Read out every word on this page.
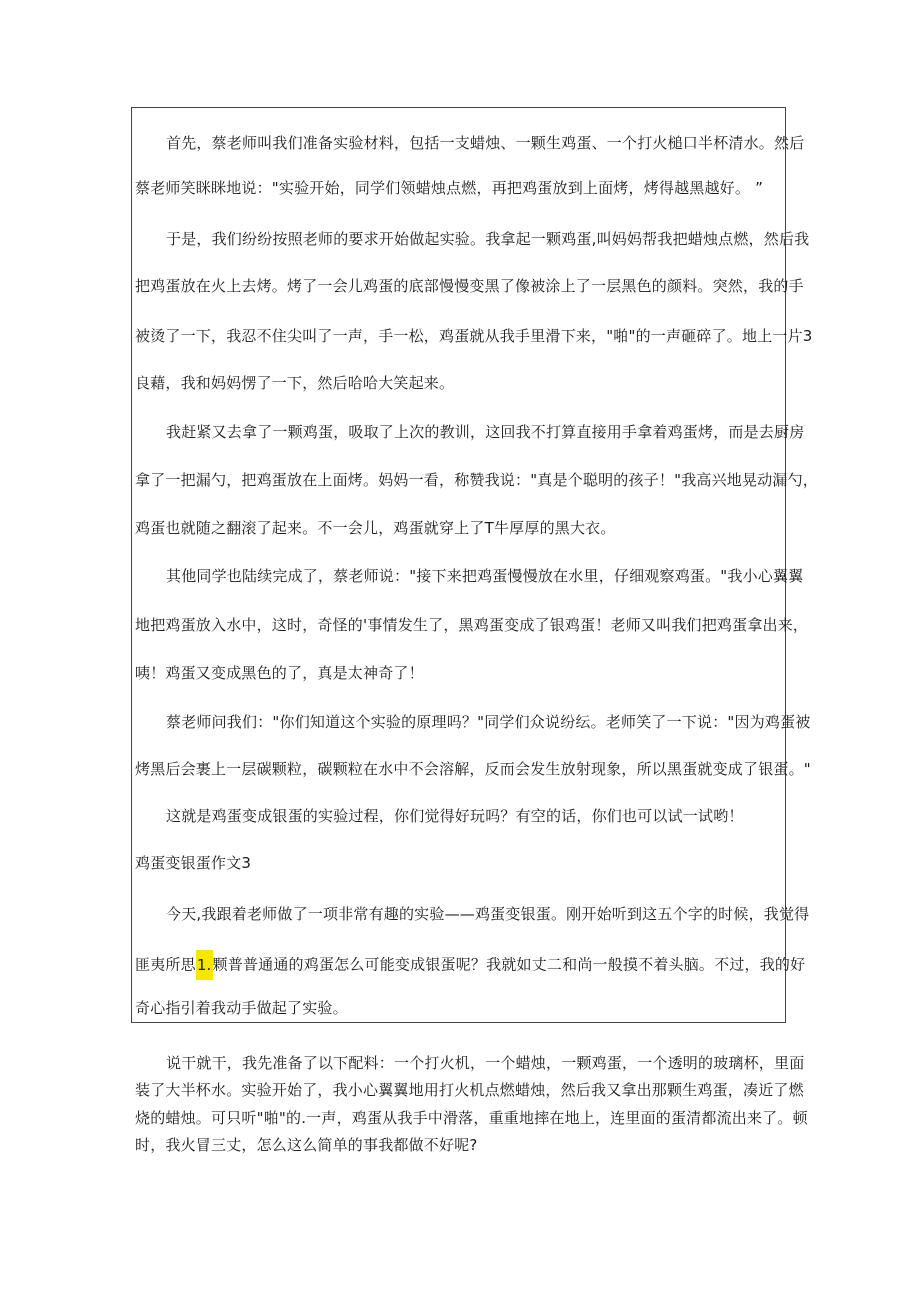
首先，蔡老师叫我们准备实验材料，包括一支蜡烛、一颗生鸡蛋、一个打火槌口半杯清水。然后
蔡老师笑眯眯地说："实验开始，同学们领蜡烛点燃，再把鸡蛋放到上面烤，烤得越黑越好。 ”
于是，我们纷纷按照老师的要求开始做起实验。我拿起一颗鸡蛋,叫妈妈帮我把蜡烛点燃，然后我
把鸡蛋放在火上去烤。烤了一会儿鸡蛋的底部慢慢变黑了像被涂上了一层黑色的颜料。突然，我的手
被烫了一下，我忍不住尖叫了一声，手一松，鸡蛋就从我手里滑下来，"啪"的一声砸碎了。地上一片3
良藉，我和妈妈愣了一下，然后哈哈大笑起来。
我赶紧又去拿了一颗鸡蛋，吸取了上次的教训，这回我不打算直接用手拿着鸡蛋烤，而是去厨房
拿了一把漏勺，把鸡蛋放在上面烤。妈妈一看，称赞我说："真是个聪明的孩子！"我高兴地晃动漏勺，
鸡蛋也就随之翻滚了起来。不一会儿，鸡蛋就穿上了T牛厚厚的黑大衣。
其他同学也陆续完成了，蔡老师说："接下来把鸡蛋慢慢放在水里，仔细观察鸡蛋。"我小心翼翼
地把鸡蛋放入水中，这时，奇怪的'事情发生了，黑鸡蛋变成了银鸡蛋！老师又叫我们把鸡蛋拿出来，
咦！鸡蛋又变成黑色的了，真是太神奇了！
蔡老师问我们："你们知道这个实验的原理吗？"同学们众说纷纭。老师笑了一下说："因为鸡蛋被
烤黑后会裹上一层碳颗粒，碳颗粒在水中不会溶解，反而会发生放射现象，所以黑蛋就变成了银蛋。"
这就是鸡蛋变成银蛋的实验过程，你们觉得好玩吗？有空的话，你们也可以试一试哟！
鸡蛋变银蛋作文3
今天,我跟着老师做了一项非常有趣的实验——鸡蛋变银蛋。刚开始听到这五个字的时候，我觉得
匪夷所思1.颗普普通通的鸡蛋怎么可能变成银蛋呢？我就如丈二和尚一般摸不着头脑。不过，我的好
奇心指引着我动手做起了实验。
说干就干，我先准备了以下配料：一个打火机，一个蜡烛，一颗鸡蛋，一个透明的玻璃杯，里面
装了大半杯水。实验开始了，我小心翼翼地用打火机点燃蜡烛，然后我又拿出那颗生鸡蛋，凑近了燃
烧的蜡烛。可只听"啪"的.一声，鸡蛋从我手中滑落，重重地摔在地上，连里面的蛋清都流出来了。顿
时，我火冒三丈，怎么这么简单的事我都做不好呢?
